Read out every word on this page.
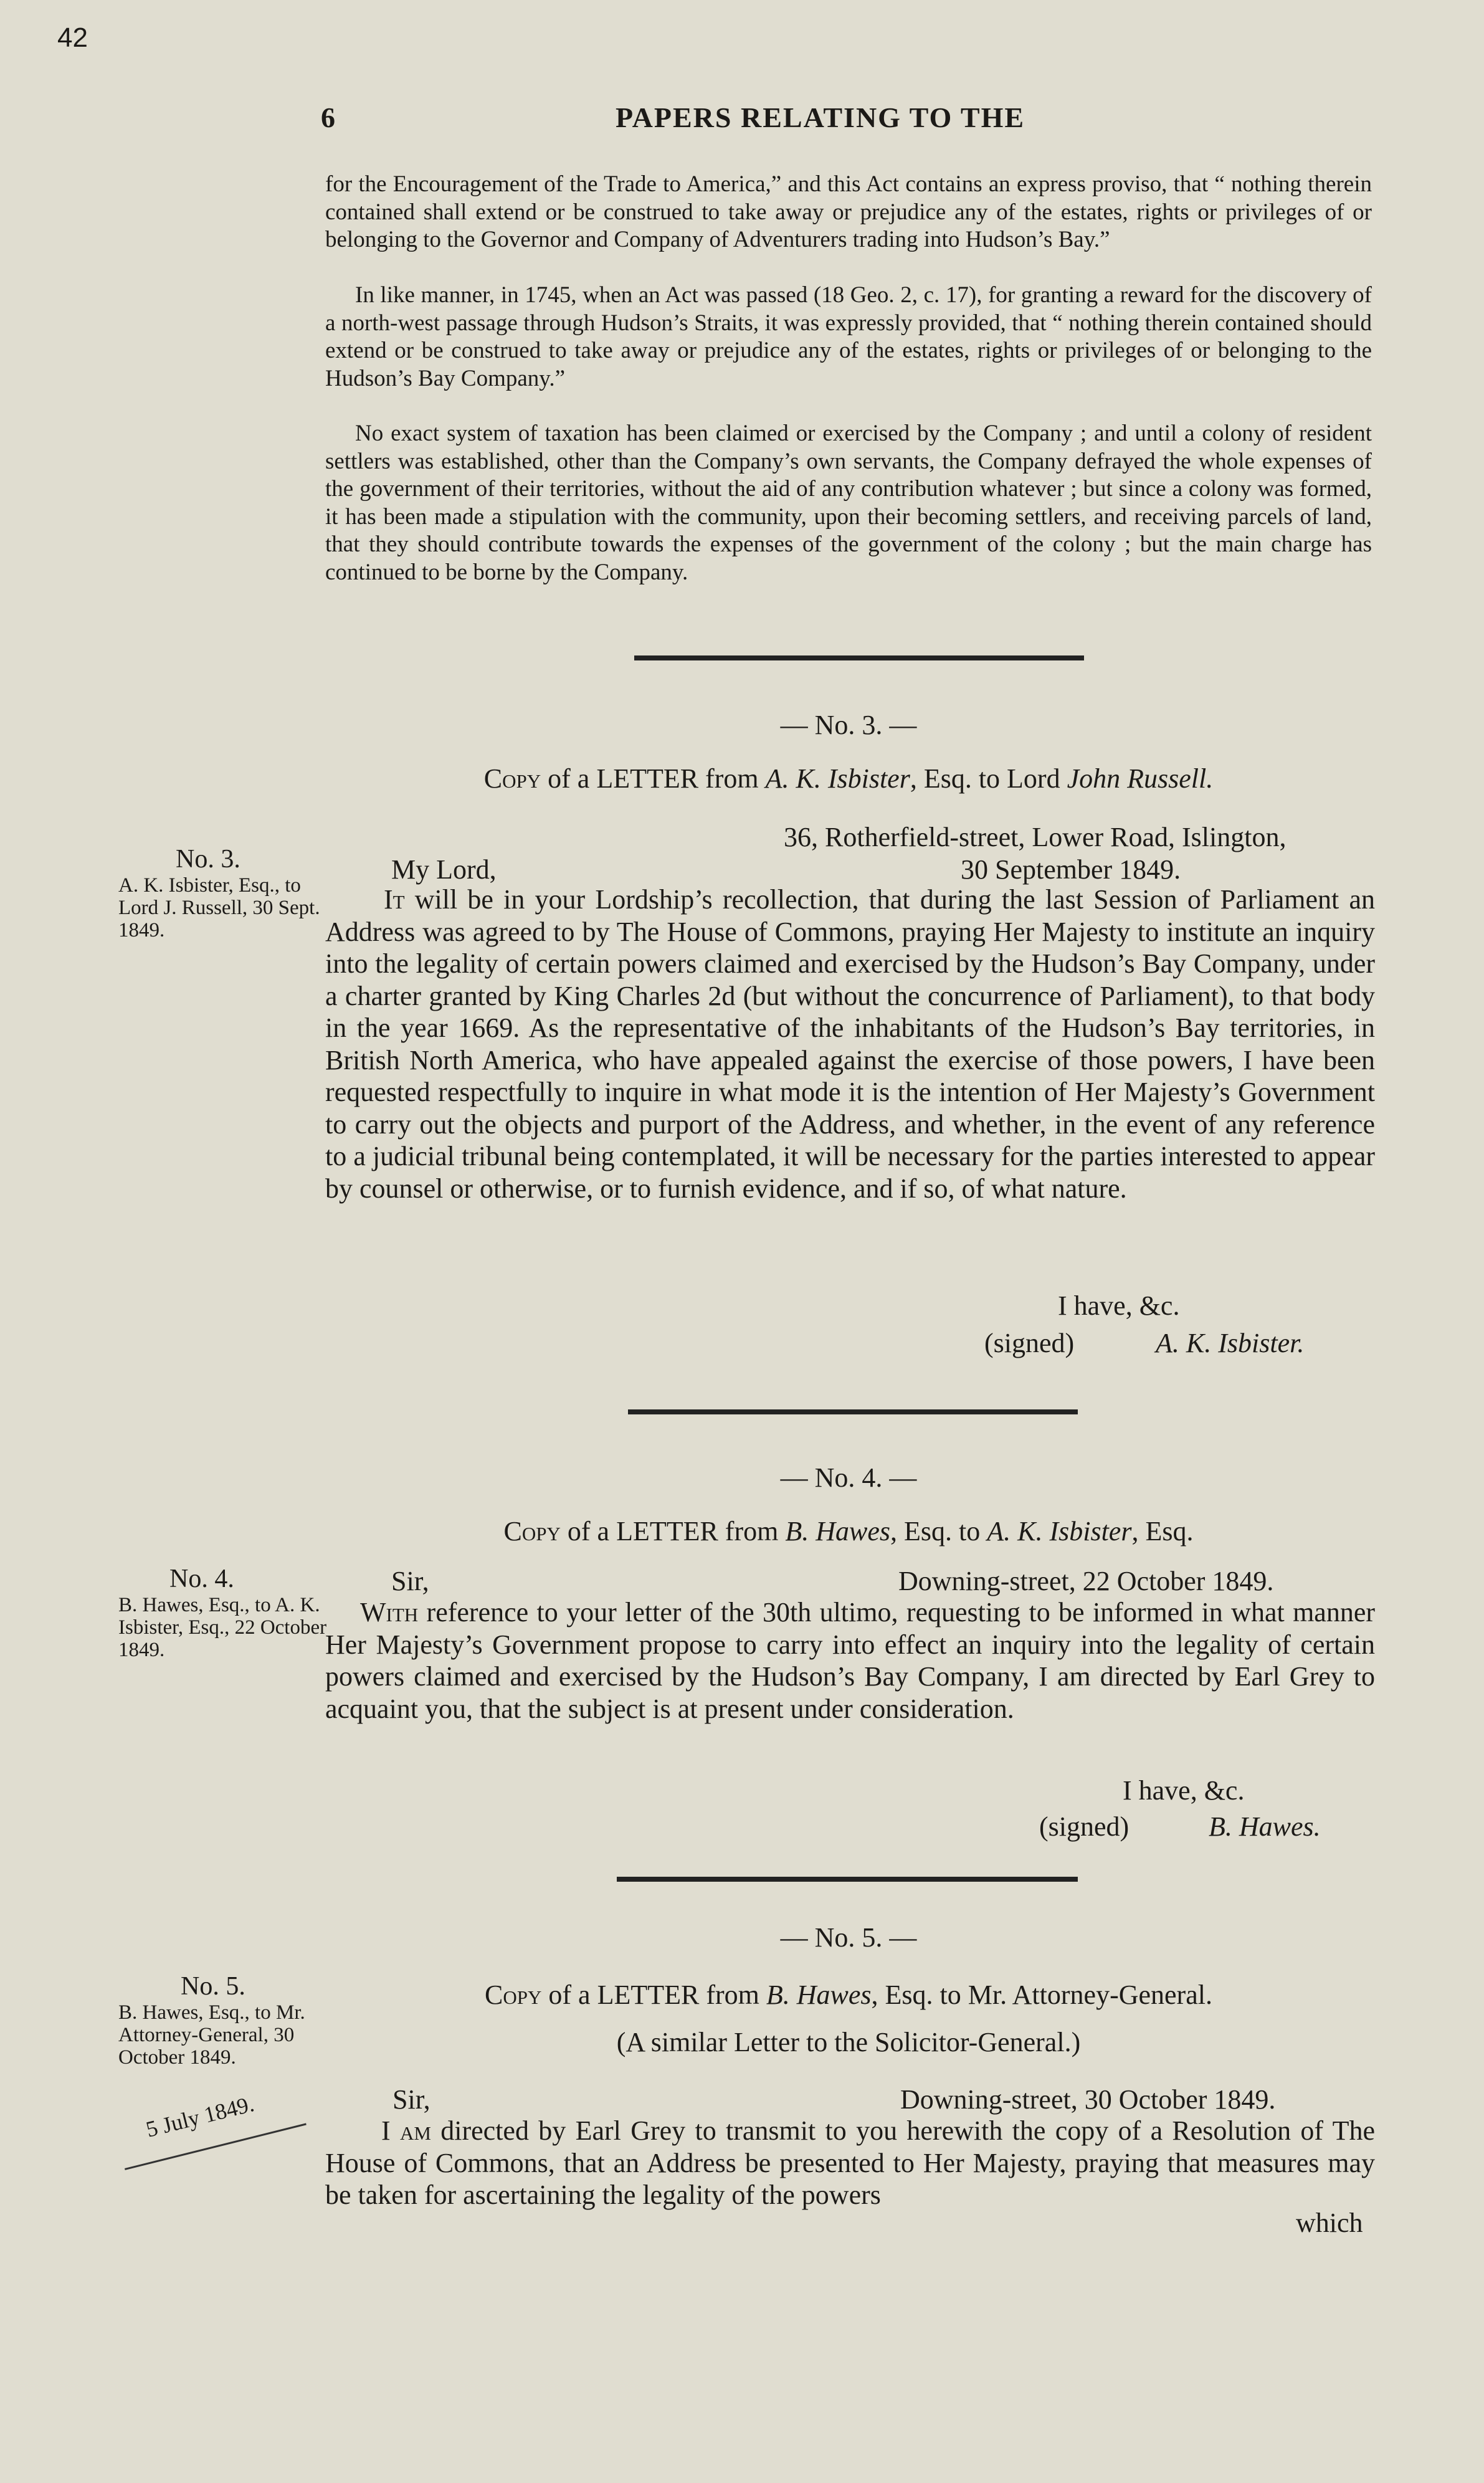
42
6	PAPERS RELATING TO THE

for the Encouragement of the Trade to America,” and this Act contains an express proviso, that “ nothing therein contained shall extend or be construed to take away or prejudice any of the estates, rights or privileges of or belonging to the Governor and Company of Adventurers trading into Hudson’s Bay.”

In like manner, in 1745, when an Act was passed (18 Geo. 2, c. 17), for granting a reward for the discovery of a north-west passage through Hudson’s Straits, it was expressly provided, that “ nothing therein contained should extend or be construed to take away or prejudice any of the estates, rights or privileges of or belonging to the Hudson’s Bay Company.”

No exact system of taxation has been claimed or exercised by the Company ; and until a colony of resident settlers was established, other than the Company’s own servants, the Company defrayed the whole expenses of the government of their territories, without the aid of any contribution whatever ; but since a colony was formed, it has been made a stipulation with the community, upon their becoming settlers, and receiving parcels of land, that they should contribute towards the expenses of the government of the colony ; but the main charge has continued to be borne by the Company.

— No. 3. —
Copy of a LETTER from A. K. Isbister, Esq. to Lord John Russell.
No. 3.
A. K. Isbister, Esq., to Lord J. Russell, 30 Sept. 1849.
36, Rotherfield-street, Lower Road, Islington,
My Lord,	30 September 1849.

It will be in your Lordship’s recollection, that during the last Session of Parliament an Address was agreed to by The House of Commons, praying Her Majesty to institute an inquiry into the legality of certain powers claimed and exercised by the Hudson’s Bay Company, under a charter granted by King Charles 2d (but without the concurrence of Parliament), to that body in the year 1669. As the representative of the inhabitants of the Hudson’s Bay territories, in British North America, who have appealed against the exercise of those powers, I have been requested respectfully to inquire in what mode it is the intention of Her Majesty’s Government to carry out the objects and purport of the Address, and whether, in the event of any reference to a judicial tribunal being contemplated, it will be necessary for the parties interested to appear by counsel or otherwise, or to furnish evidence, and if so, of what nature.

I have, &c.
(signed)	A. K. Isbister.
— No. 4. —
Copy of a LETTER from B. Hawes, Esq. to A. K. Isbister, Esq.
No. 4.
B. Hawes, Esq., to A. K. Isbister, Esq., 22 October 1849.
Sir,	Downing-street, 22 October 1849.

With reference to your letter of the 30th ultimo, requesting to be informed in what manner Her Majesty’s Government propose to carry into effect an inquiry into the legality of certain powers claimed and exercised by the Hudson’s Bay Company, I am directed by Earl Grey to acquaint you, that the subject is at present under consideration.

I have, &c.
(signed)	B. Hawes.
— No. 5. —
Copy of a LETTER from B. Hawes, Esq. to Mr. Attorney-General.
(A similar Letter to the Solicitor-General.)
No. 5.
B. Hawes, Esq., to Mr. Attorney-General, 30 October 1849.
5 July 1849.	Sir,	Downing-street, 30 October 1849.

I am directed by Earl Grey to transmit to you herewith the copy of a Resolution of The House of Commons, that an Address be presented to Her Majesty, praying that measures may be taken for ascertaining the legality of the powers

which
